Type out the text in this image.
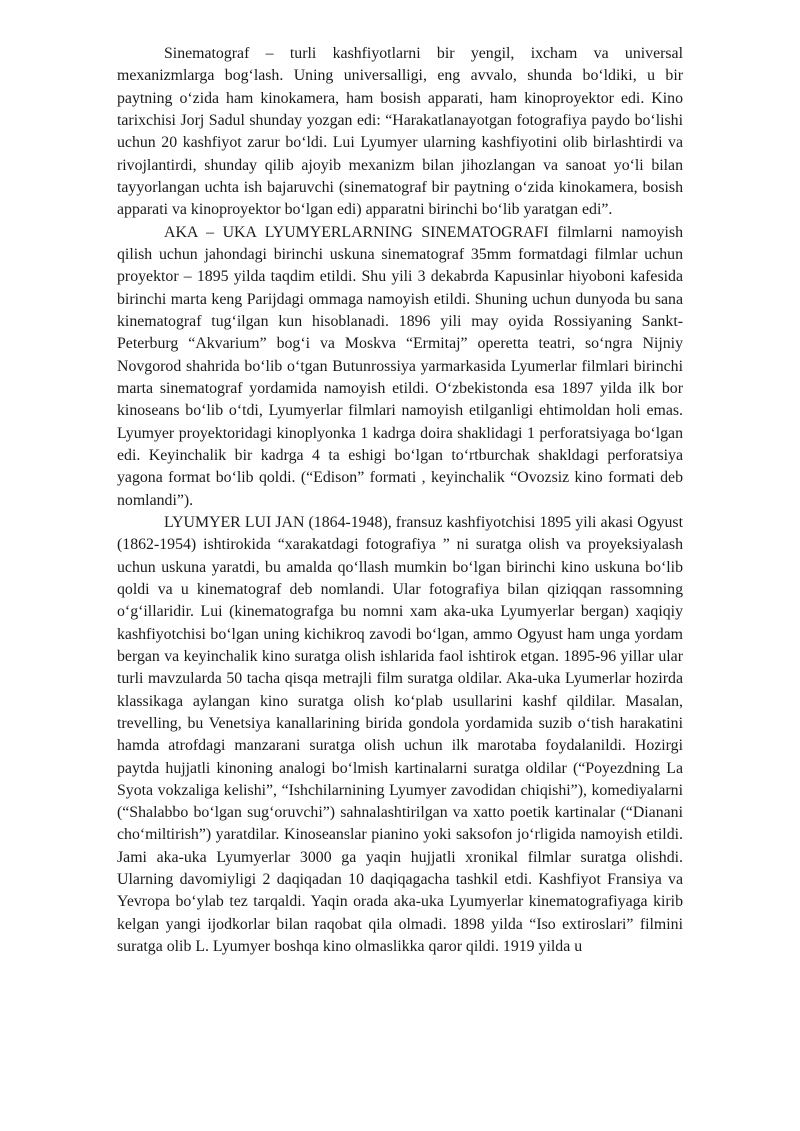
Sinematograf – turli kashfiyotlarni bir yengil, ixcham va universal mexanizmlarga bog‘lash. Uning universalligi, eng avvalo, shunda bo‘ldiki, u bir paytning o‘zida ham kinokamera, ham bosish apparati, ham kinoproyektor edi. Kino tarixchisi Jorj Sadul shunday yozgan edi: “Harakatlanayotgan fotografiya paydo bo‘lishi uchun 20 kashfiyot zarur bo‘ldi. Lui Lyumyer ularning kashfiyotini olib birlashtirdi va rivojlantirdi, shunday qilib ajoyib mexanizm bilan jihozlangan va sanoat yo‘li bilan tayyorlangan uchta ish bajaruvchi (sinematograf bir paytning o‘zida kinokamera, bosish apparati va kinoproyektor bo‘lgan edi) apparatni birinchi bo‘lib yaratgan edi”.

AKA – UKA LYUMYERLARNING SINEMATOGRAFI filmlarni namoyish qilish uchun jahondagi birinchi uskuna sinematograf 35mm formatdagi filmlar uchun proyektor – 1895 yilda taqdim etildi. Shu yili 3 dekabrda Kapusinlar hiyoboni kafesida birinchi marta keng Parijdagi ommaga namoyish etildi. Shuning uchun dunyoda bu sana kinematograf tug‘ilgan kun hisoblanadi. 1896 yili may oyida Rossiyaning Sankt-Peterburg “Akvarium” bog‘i va Moskva “Ermitaj” operetta teatri, so‘ngra Nijniy Novgorod shahrida bo‘lib o‘tgan Butunrossiya yarmarkasida Lyumerlar filmlari birinchi marta sinematograf yordamida namoyish etildi. O‘zbekistonda esa 1897 yilda ilk bor kinoseans bo‘lib o‘tdi, Lyumyerlar filmlari namoyish etilganligi ehtimoldan holi emas. Lyumyer proyektoridagi kinoplyonka 1 kadrga doira shaklidagi 1 perforatsiyaga bo‘lgan edi. Keyinchalik bir kadrga 4 ta eshigi bo‘lgan to‘rtburchak shakldagi perforatsiya yagona format bo‘lib qoldi. (“Edison” formati , keyinchalik “Ovozsiz kino formati deb nomlandi”).

LYUMYER LUI JAN (1864-1948), fransuz kashfiyotchisi 1895 yili akasi Ogyust (1862-1954) ishtirokida “xarakatdagi fotografiya ” ni suratga olish va proyeksiyalash uchun uskuna yaratdi, bu amalda qo‘llash mumkin bo‘lgan birinchi kino uskuna bo‘lib qoldi va u kinematograf deb nomlandi. Ular fotografiya bilan qiziqqan rassomning o‘g‘illaridir. Lui (kinematografga bu nomni xam aka-uka Lyumyerlar bergan) xaqiqiy kashfiyotchisi bo‘lgan uning kichikroq zavodi bo‘lgan, ammo Ogyust ham unga yordam bergan va keyinchalik kino suratga olish ishlarida faol ishtirok etgan. 1895-96 yillar ular turli mavzularda 50 tacha qisqa metrajli film suratga oldilar. Aka-uka Lyumerlar hozirda klassikaga aylangan kino suratga olish ko‘plab usullarini kashf qildilar. Masalan, trevelling, bu Venetsiya kanallarining birida gondola yordamida suzib o‘tish harakatini hamda atrofdagi manzarani suratga olish uchun ilk marotaba foydalanildi. Hozirgi paytda hujjatli kinoning analogi bo‘lmish kartinalarni suratga oldilar (“Poyezdning La Syota vokzaliga kelishi”, “Ishchilarnining Lyumyer zavodidan chiqishi”), komediyalarni (“Shalabbo bo‘lgan sug‘oruvchi”) sahnalashtirilgan va xatto poetik kartinalar (“Dianani cho‘miltirish”) yaratdilar. Kinoseanslar pianino yoki saksofon jo‘rligida namoyish etildi. Jami aka-uka Lyumyerlar 3000 ga yaqin hujjatli xronikal filmlar suratga olishdi. Ularning davomiyligi 2 daqiqadan 10 daqiqagacha tashkil etdi. Kashfiyot Fransiya va Yevropa bo‘ylab tez tarqaldi. Yaqin orada aka-uka Lyumyerlar kinematografiyaga kirib kelgan yangi ijodkorlar bilan raqobat qila olmadi. 1898 yilda “Iso extiroslari” filmini suratga olib L. Lyumyer boshqa kino olmaslikka qaror qildi. 1919 yilda u
